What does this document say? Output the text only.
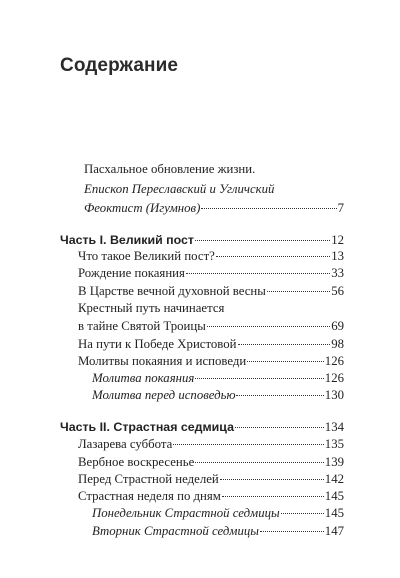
Содержание
Пасхальное обновление жизни.
Епископ Переславский и Угличский
Феоктист (Игумнов)	7
Часть I. Великий пост	12
Что такое Великий пост?	13
Рождение покаяния	33
В Царстве вечной духовной весны	56
Крестный путь начинается
в тайне Святой Троицы	69
На пути к Победе Христовой	98
Молитвы покаяния и исповеди	126
Молитва покаяния	126
Молитва перед исповедью	130
Часть II. Страстная седмица	134
Лазарева суббота	135
Вербное воскресенье	139
Перед Страстной неделей	142
Страстная неделя по дням	145
Понедельник Страстной седмицы	145
Вторник Страстной седмицы	147
